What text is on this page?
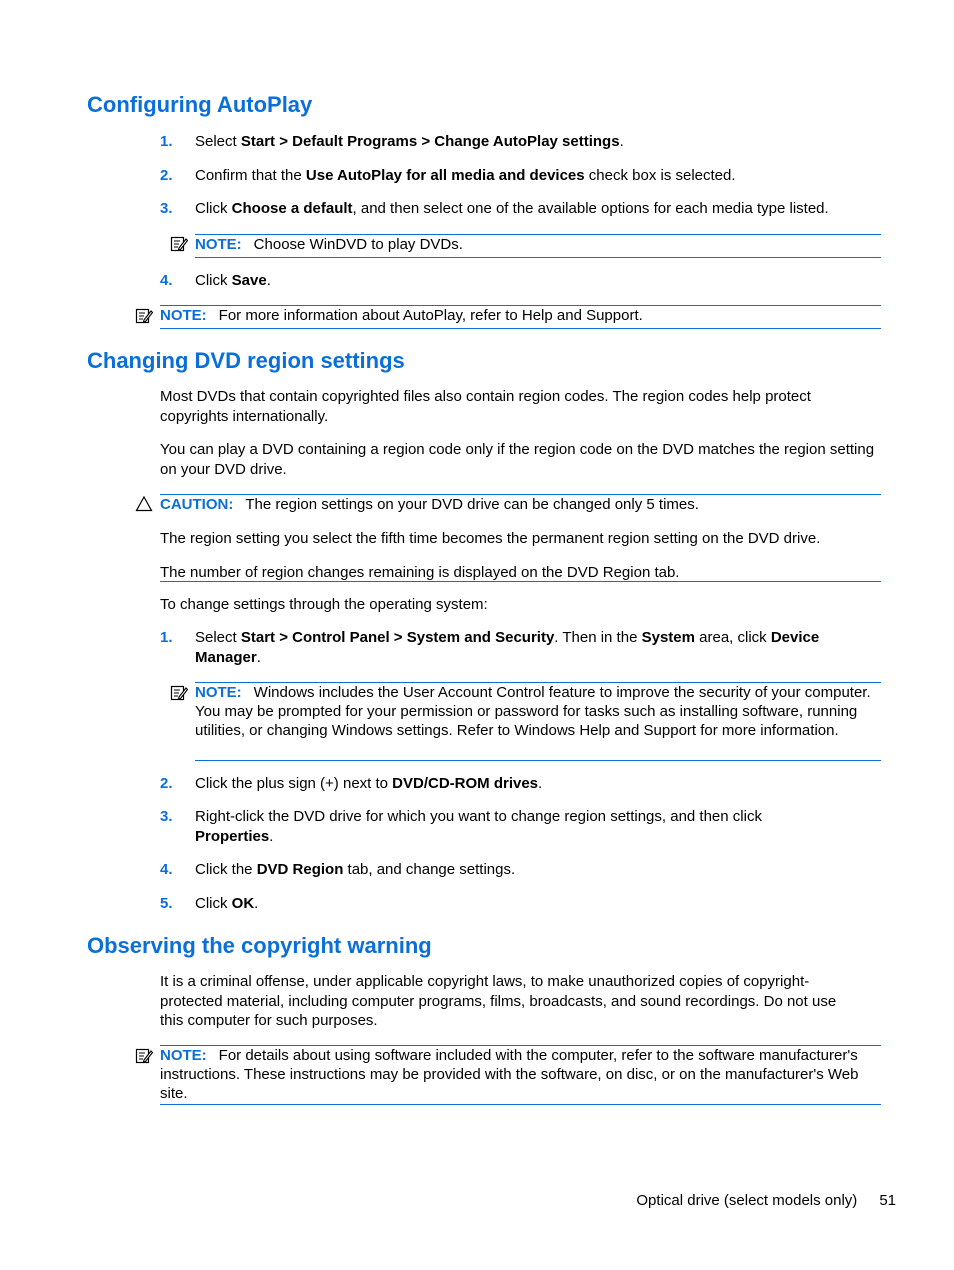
Configuring AutoPlay
1. Select Start > Default Programs > Change AutoPlay settings.
2. Confirm that the Use AutoPlay for all media and devices check box is selected.
3. Click Choose a default, and then select one of the available options for each media type listed.
NOTE: Choose WinDVD to play DVDs.
4. Click Save.
NOTE: For more information about AutoPlay, refer to Help and Support.
Changing DVD region settings
Most DVDs that contain copyrighted files also contain region codes. The region codes help protect copyrights internationally.
You can play a DVD containing a region code only if the region code on the DVD matches the region setting on your DVD drive.
CAUTION: The region settings on your DVD drive can be changed only 5 times.
The region setting you select the fifth time becomes the permanent region setting on the DVD drive.
The number of region changes remaining is displayed on the DVD Region tab.
To change settings through the operating system:
1. Select Start > Control Panel > System and Security. Then in the System area, click Device Manager.
NOTE: Windows includes the User Account Control feature to improve the security of your computer. You may be prompted for your permission or password for tasks such as installing software, running utilities, or changing Windows settings. Refer to Windows Help and Support for more information.
2. Click the plus sign (+) next to DVD/CD-ROM drives.
3. Right-click the DVD drive for which you want to change region settings, and then click Properties.
4. Click the DVD Region tab, and change settings.
5. Click OK.
Observing the copyright warning
It is a criminal offense, under applicable copyright laws, to make unauthorized copies of copyright-protected material, including computer programs, films, broadcasts, and sound recordings. Do not use this computer for such purposes.
NOTE: For details about using software included with the computer, refer to the software manufacturer's instructions. These instructions may be provided with the software, on disc, or on the manufacturer's Web site.
Optical drive (select models only) 51
